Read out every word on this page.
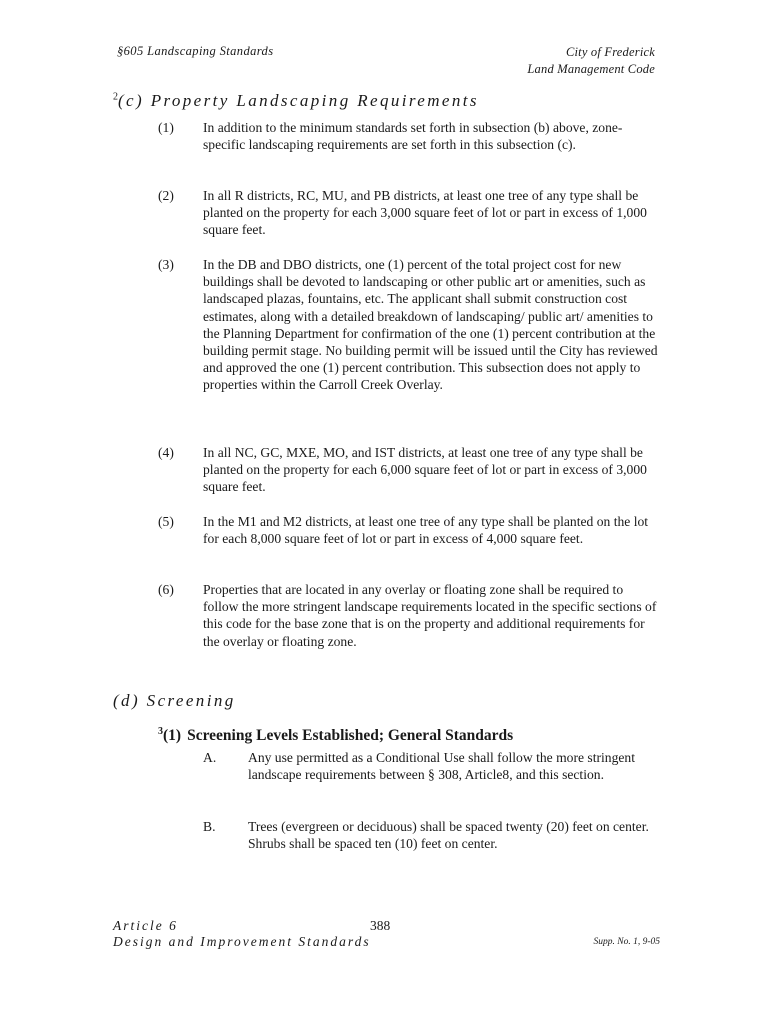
§605 Landscaping Standards	City of Frederick
Land Management Code
$^2$(c) Property Landscaping Requirements
(1) In addition to the minimum standards set forth in subsection (b) above, zone-specific landscaping requirements are set forth in this subsection (c).
(2) In all R districts, RC, MU, and PB districts, at least one tree of any type shall be planted on the property for each 3,000 square feet of lot or part in excess of 1,000 square feet.
(3) In the DB and DBO districts, one (1) percent of the total project cost for new buildings shall be devoted to landscaping or other public art or amenities, such as landscaped plazas, fountains, etc. The applicant shall submit construction cost estimates, along with a detailed breakdown of landscaping/ public art/ amenities to the Planning Department for confirmation of the one (1) percent contribution at the building permit stage. No building permit will be issued until the City has reviewed and approved the one (1) percent contribution. This subsection does not apply to properties within the Carroll Creek Overlay.
(4) In all NC, GC, MXE, MO, and IST districts, at least one tree of any type shall be planted on the property for each 6,000 square feet of lot or part in excess of 3,000 square feet.
(5) In the M1 and M2 districts, at least one tree of any type shall be planted on the lot for each 8,000 square feet of lot or part in excess of 4,000 square feet.
(6) Properties that are located in any overlay or floating zone shall be required to follow the more stringent landscape requirements located in the specific sections of this code for the base zone that is on the property and additional requirements for the overlay or floating zone.
(d) Screening
$^3$(1) Screening Levels Established; General Standards
A. Any use permitted as a Conditional Use shall follow the more stringent landscape requirements between § 308, Article8, and this section.
B. Trees (evergreen or deciduous) shall be spaced twenty (20) feet on center. Shrubs shall be spaced ten (10) feet on center.
Article 6
Design and Improvement Standards
388
Supp. No. 1, 9-05
